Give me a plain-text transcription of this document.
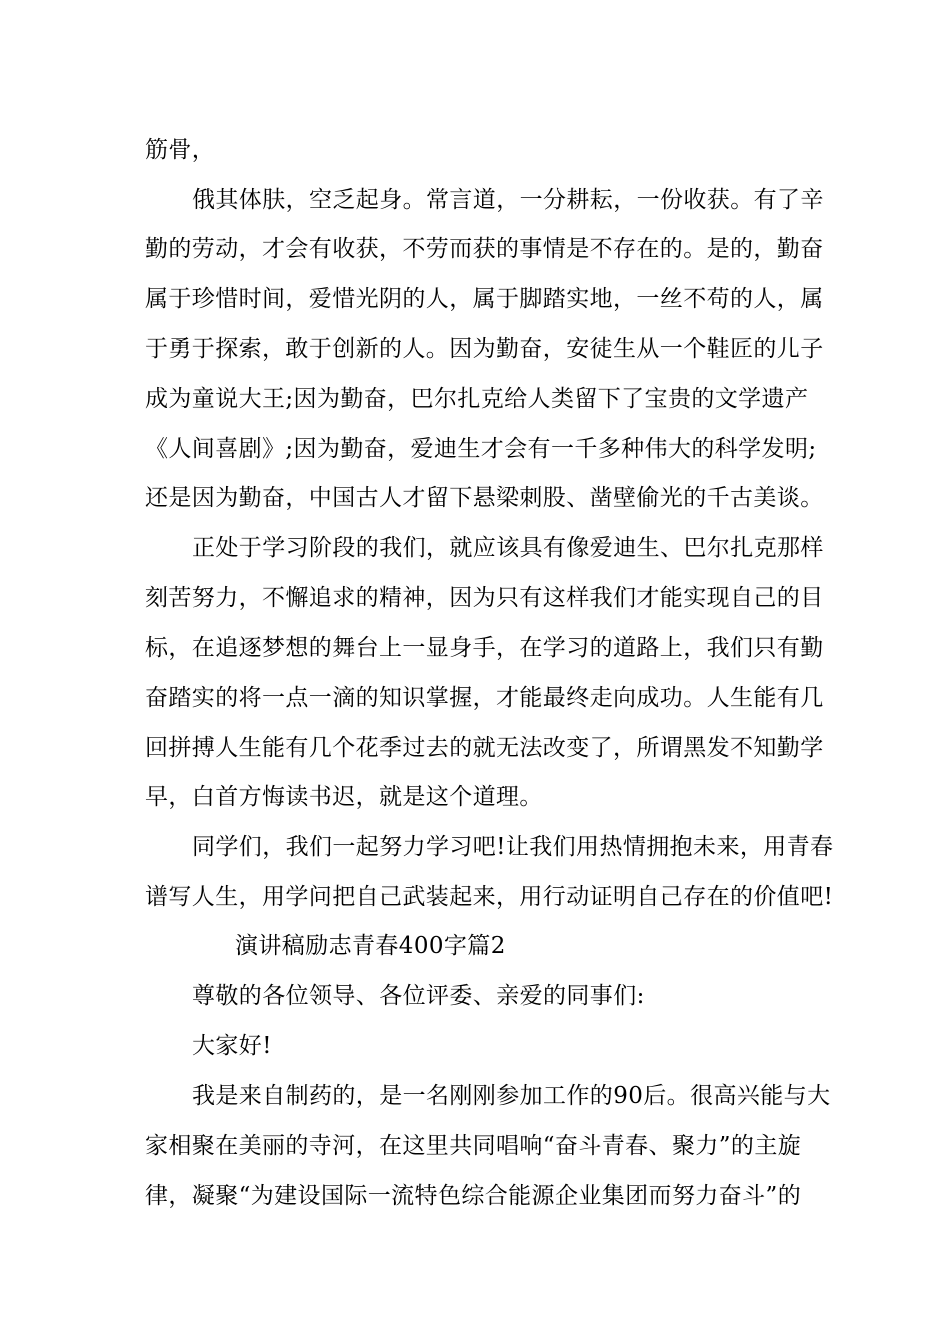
筋骨，
俄其体肤，空乏起身。常言道，一分耕耘，一份收获。有了辛
勤的劳动，才会有收获，不劳而获的事情是不存在的。是的，勤奋
属于珍惜时间，爱惜光阴的人，属于脚踏实地，一丝不苟的人，属
于勇于探索，敢于创新的人。因为勤奋，安徒生从一个鞋匠的儿子
成为童说大王;因为勤奋，巴尔扎克给人类留下了宝贵的文学遗产
《人间喜剧》;因为勤奋，爱迪生才会有一千多种伟大的科学发明;
还是因为勤奋，中国古人才留下悬梁刺股、凿壁偷光的千古美谈。
正处于学习阶段的我们，就应该具有像爱迪生、巴尔扎克那样
刻苦努力，不懈追求的精神，因为只有这样我们才能实现自己的目
标，在追逐梦想的舞台上一显身手，在学习的道路上，我们只有勤
奋踏实的将一点一滴的知识掌握，才能最终走向成功。人生能有几
回拼搏人生能有几个花季过去的就无法改变了，所谓黑发不知勤学
早，白首方悔读书迟，就是这个道理。
同学们，我们一起努力学习吧!让我们用热情拥抱未来，用青春
谱写人生，用学问把自己武装起来，用行动证明自己存在的价值吧!
演讲稿励志青春400字篇2
尊敬的各位领导、各位评委、亲爱的同事们:
大家好!
我是来自制药的，是一名刚刚参加工作的90后。很高兴能与大
家相聚在美丽的寺河，在这里共同唱响“奋斗青春、聚力”的主旋
律，凝聚“为建设国际一流特色综合能源企业集团而努力奋斗”的
